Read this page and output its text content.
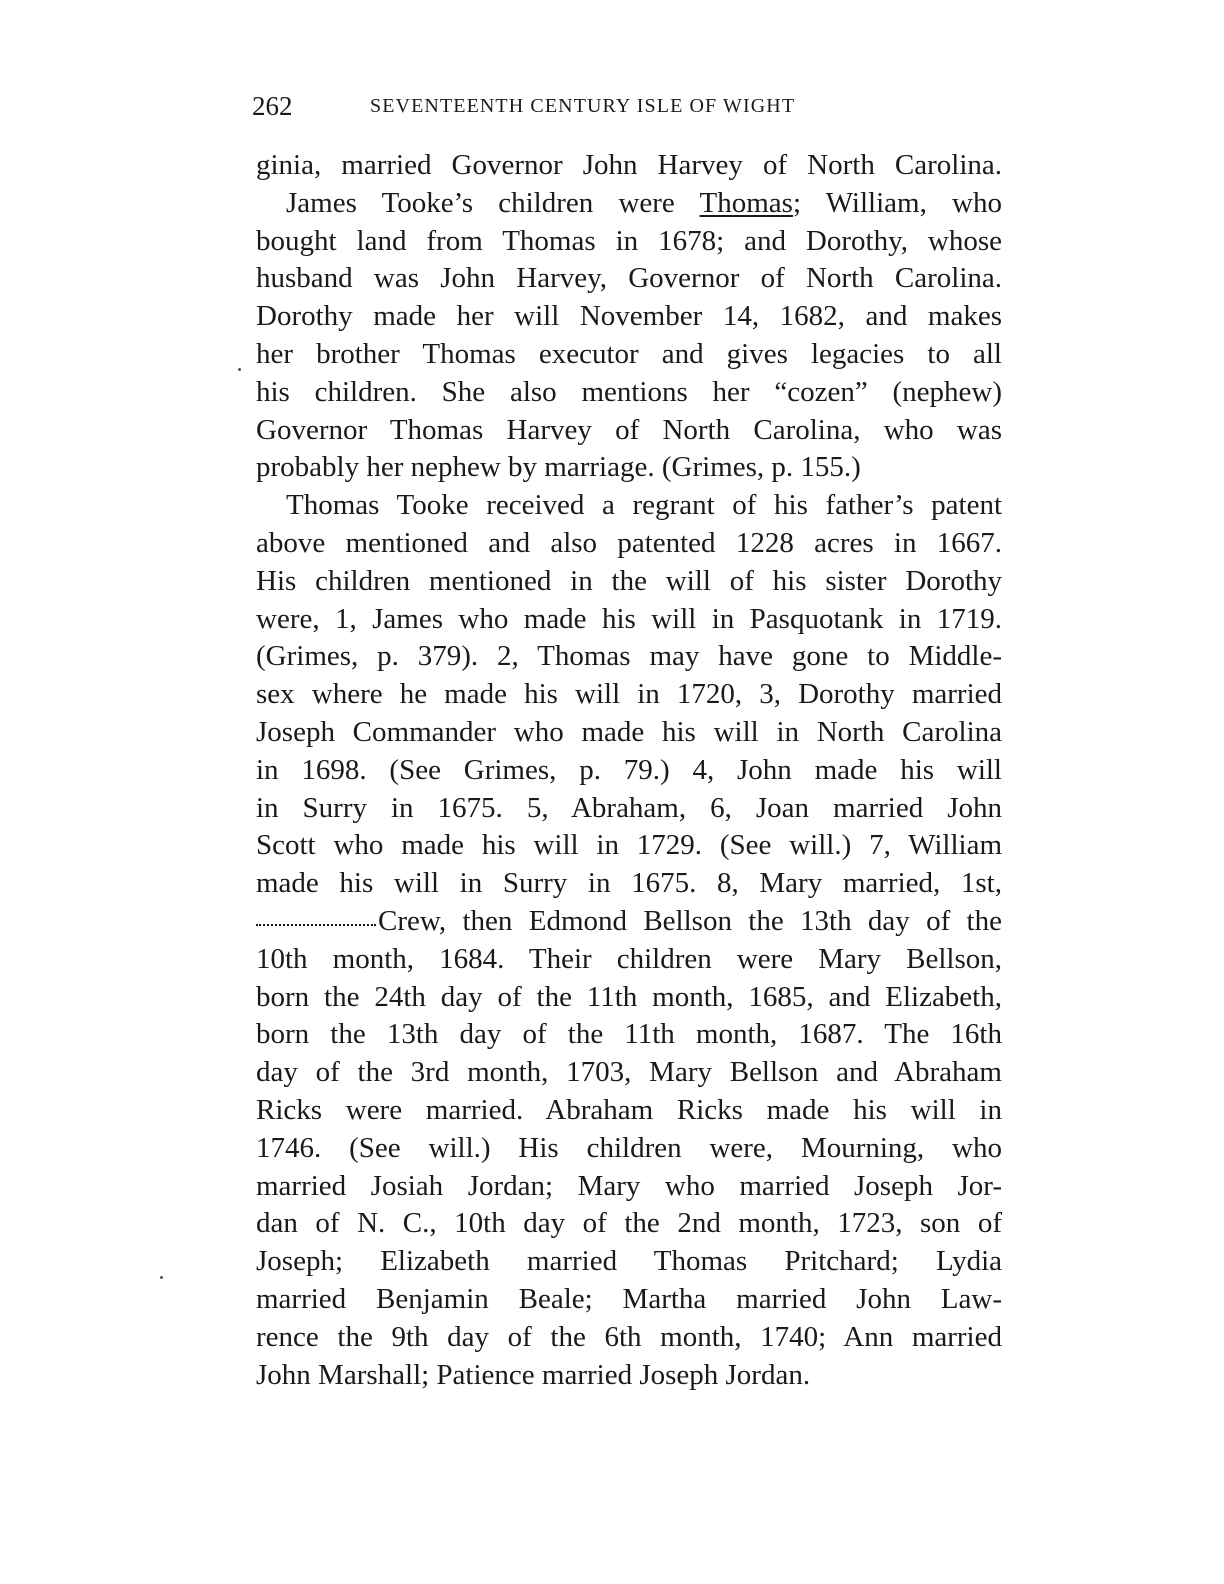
262	SEVENTEENTH CENTURY ISLE OF WIGHT
ginia, married Governor John Harvey of North Carolina.
James Tooke’s children were Thomas; William, who
bought land from Thomas in 1678; and Dorothy, whose
husband was John Harvey, Governor of North Carolina.
Dorothy made her will November 14, 1682, and makes
her brother Thomas executor and gives legacies to all
his children. She also mentions her “cozen” (nephew)
Governor Thomas Harvey of North Carolina, who was
probably her nephew by marriage. (Grimes, p. 155.)
Thomas Tooke received a regrant of his father’s patent
above mentioned and also patented 1228 acres in 1667.
His children mentioned in the will of his sister Dorothy
were, 1, James who made his will in Pasquotank in 1719.
(Grimes, p. 379). 2, Thomas may have gone to Middle-
sex where he made his will in 1720, 3, Dorothy married
Joseph Commander who made his will in North Carolina
in 1698. (See Grimes, p. 79.) 4, John made his will
in Surry in 1675. 5, Abraham, 6, Joan married John
Scott who made his will in 1729. (See will.) 7, William
made his will in Surry in 1675. 8, Mary married, 1st,
Crew, then Edmond Bellson the 13th day of the
10th month, 1684. Their children were Mary Bellson,
born the 24th day of the 11th month, 1685, and Elizabeth,
born the 13th day of the 11th month, 1687. The 16th
day of the 3rd month, 1703, Mary Bellson and Abraham
Ricks were married. Abraham Ricks made his will in
1746. (See will.) His children were, Mourning, who
married Josiah Jordan; Mary who married Joseph Jor-
dan of N. C., 10th day of the 2nd month, 1723, son of
Joseph; Elizabeth married Thomas Pritchard; Lydia
married Benjamin Beale; Martha married John Law-
rence the 9th day of the 6th month, 1740; Ann married
John Marshall; Patience married Joseph Jordan.
